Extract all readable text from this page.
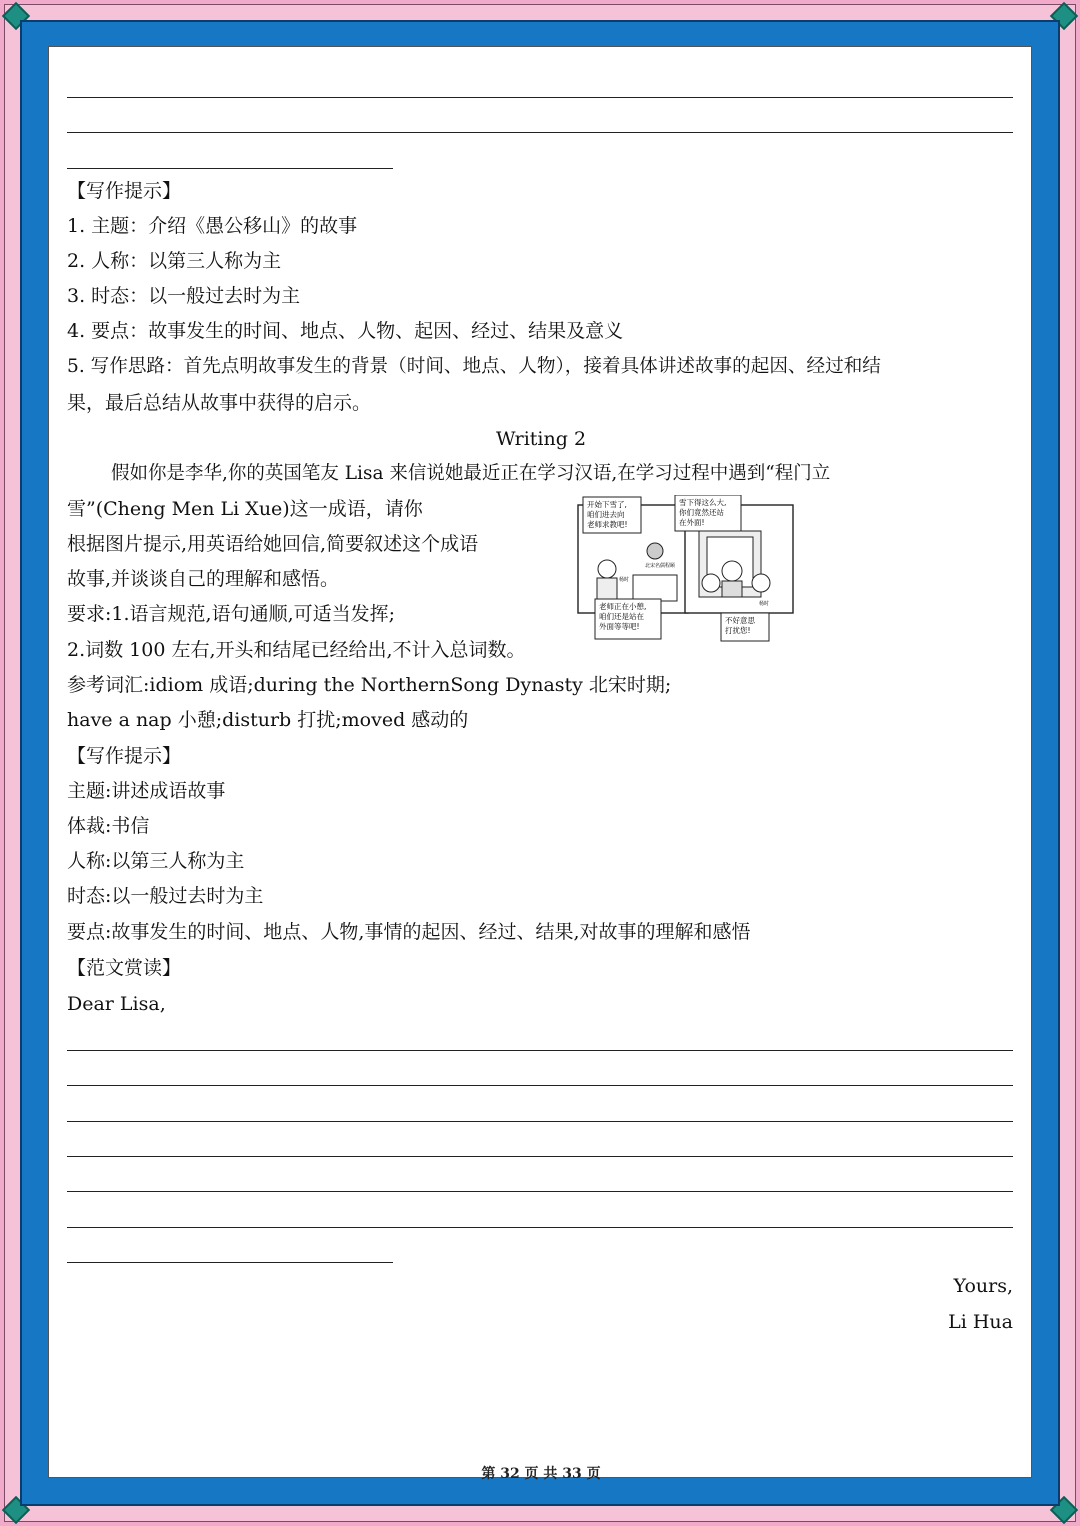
【写作提示】
1. 主题：介绍《愚公移山》的故事
2. 人称：以第三人称为主
3. 时态：以一般过去时为主
4. 要点：故事发生的时间、地点、人物、起因、经过、结果及意义
5. 写作思路：首先点明故事发生的背景（时间、地点、人物），接着具体讲述故事的起因、经过和结
果，最后总结从故事中获得的启示。
Writing 2
假如你是李华,你的英国笔友 Lisa 来信说她最近正在学习汉语,在学习过程中遇到“程门立
雪”(Cheng Men Li Xue)这一成语，请你
根据图片提示,用英语给她回信,简要叙述这个成语
故事,并谈谈自己的理解和感悟。
要求:1.语言规范,语句通顺,可适当发挥;
2.词数 100 左右,开头和结尾已经给出,不计入总词数。
参考词汇:idiom 成语;during the NorthernSong Dynasty 北宋时期;
have a nap 小憩;disturb 打扰;moved 感动的
开始下雪了,咱们进去向老师求教吧!
雪下得这么大,你们竟然还站在外面!
老师正在小憩,咱们还是站在外面等等吧!
不好意思打扰您!
杨时
北宋名儒程颐
杨时
【写作提示】
主题:讲述成语故事
体裁:书信
人称:以第三人称为主
时态:以一般过去时为主
要点:故事发生的时间、地点、人物,事情的起因、经过、结果,对故事的理解和感悟
【范文赏读】
Dear Lisa,
Yours,
Li Hua
第 32 页 共 33 页
